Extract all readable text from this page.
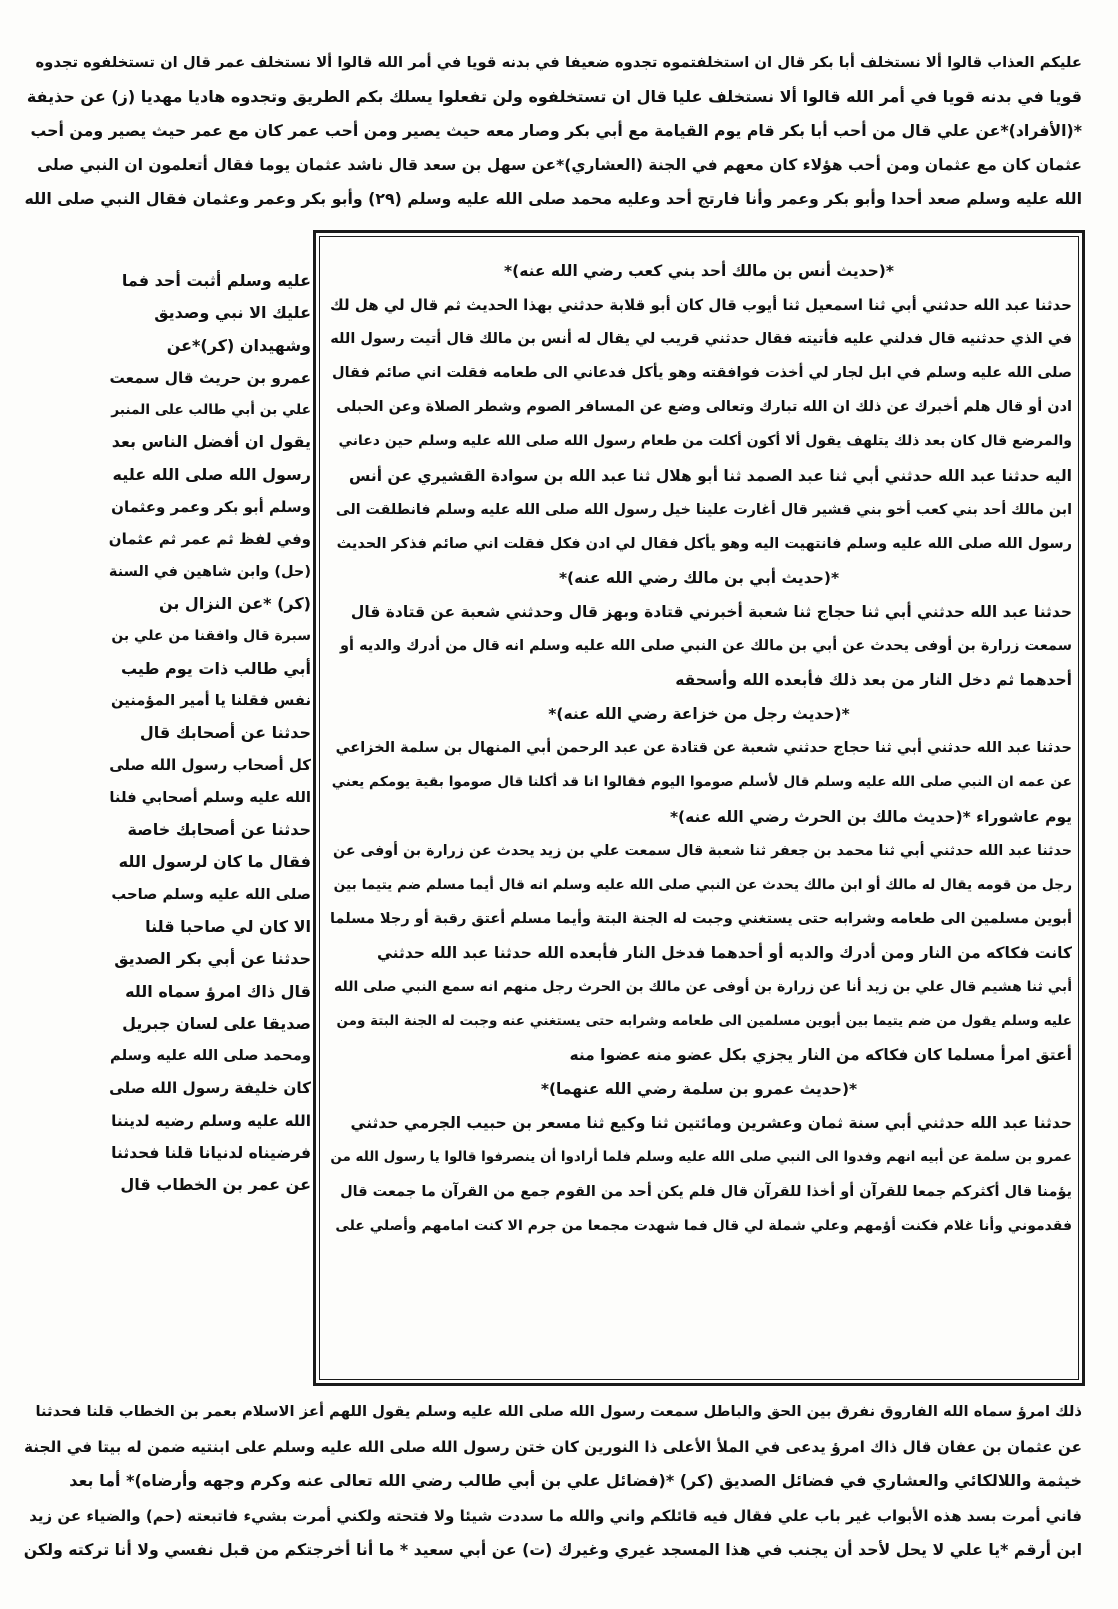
عليكم العذاب قالوا ألا نستخلف أبا بكر قال ان استخلفتموه تجدوه ضعيفا في بدنه قويا في أمر الله قالوا ألا نستخلف عمر قال ان تستخلفوه تجدوه
قويا في بدنه قويا في أمر الله قالوا ألا نستخلف عليا قال ان تستخلفوه ولن تفعلوا يسلك بكم الطريق وتجدوه هاديا مهديا (ز) عن حذيفة
*(الأفراد)*عن علي قال من أحب أبا بكر قام يوم القيامة مع أبي بكر وصار معه حيث يصير ومن أحب عمر كان مع عمر حيث يصير ومن أحب
عثمان كان مع عثمان ومن أحب هؤلاء كان معهم في الجنة (العشاري)*عن سهل بن سعد قال ناشد عثمان يوما فقال أتعلمون ان النبي صلى
الله عليه وسلم صعد أحدا وأبو بكر وعمر وأنا فارتج أحد وعليه محمد صلى الله عليه وسلم (٢٩) وأبو بكر وعمر وعثمان فقال النبي صلى الله
*(حديث أنس بن مالك أحد بني كعب رضي الله عنه)*
حدثنا عبد الله حدثني أبي ثنا اسمعيل ثنا أيوب قال كان أبو قلابة حدثني بهذا الحديث ثم قال لي هل لك
في الذي حدثنيه قال فدلني عليه فأتيته فقال حدثني قريب لي يقال له أنس بن مالك قال أتيت رسول الله
صلى الله عليه وسلم في ابل لجار لي أخذت فوافقته وهو يأكل فدعاني الى طعامه فقلت اني صائم فقال
ادن أو قال هلم أخبرك عن ذلك ان الله تبارك وتعالى وضع عن المسافر الصوم وشطر الصلاة وعن الحبلى
والمرضع قال كان بعد ذلك يتلهف يقول ألا أكون أكلت من طعام رسول الله صلى الله عليه وسلم حين دعاني
اليه حدثنا عبد الله حدثني أبي ثنا عبد الصمد ثنا أبو هلال ثنا عبد الله بن سوادة القشيري عن أنس
ابن مالك أحد بني كعب أخو بني قشير قال أغارت علينا خيل رسول الله صلى الله عليه وسلم فانطلقت الى
رسول الله صلى الله عليه وسلم فانتهيت اليه وهو يأكل فقال لي ادن فكل فقلت اني صائم فذكر الحديث
*(حديث أبي بن مالك رضي الله عنه)*
حدثنا عبد الله حدثني أبي ثنا حجاج ثنا شعبة أخبرني قتادة وبهز قال وحدثني شعبة عن قتادة قال
سمعت زرارة بن أوفى يحدث عن أبي بن مالك عن النبي صلى الله عليه وسلم انه قال من أدرك والديه أو
أحدهما ثم دخل النار من بعد ذلك فأبعده الله وأسحقه
*(حديث رجل من خزاعة رضي الله عنه)*
حدثنا عبد الله حدثني أبي ثنا حجاج حدثني شعبة عن قتادة عن عبد الرحمن أبي المنهال بن سلمة الخزاعي
عن عمه ان النبي صلى الله عليه وسلم قال لأسلم صوموا اليوم فقالوا انا قد أكلنا قال صوموا بقية يومكم يعني
يوم عاشوراء *(حديث مالك بن الحرث رضي الله عنه)*
حدثنا عبد الله حدثني أبي ثنا محمد بن جعفر ثنا شعبة قال سمعت علي بن زيد يحدث عن زرارة بن أوفى عن
رجل من قومه يقال له مالك أو ابن مالك يحدث عن النبي صلى الله عليه وسلم انه قال أيما مسلم ضم يتيما بين
أبوين مسلمين الى طعامه وشرابه حتى يستغني وجبت له الجنة البتة وأيما مسلم أعتق رقبة أو رجلا مسلما
كانت فكاكه من النار ومن أدرك والديه أو أحدهما فدخل النار فأبعده الله حدثنا عبد الله حدثني
أبي ثنا هشيم قال علي بن زيد أنا عن زرارة بن أوفى عن مالك بن الحرث رجل منهم انه سمع النبي صلى الله
عليه وسلم يقول من ضم يتيما بين أبوين مسلمين الى طعامه وشرابه حتى يستغني عنه وجبت له الجنة البتة ومن
أعتق امرأ مسلما كان فكاكه من النار يجزي بكل عضو منه عضوا منه
*(حديث عمرو بن سلمة رضي الله عنهما)*
حدثنا عبد الله حدثني أبي سنة ثمان وعشرين ومائتين ثنا وكيع ثنا مسعر بن حبيب الجرمي حدثني
عمرو بن سلمة عن أبيه انهم وفدوا الى النبي صلى الله عليه وسلم فلما أرادوا أن ينصرفوا قالوا يا رسول الله من
يؤمنا قال أكثركم جمعا للقرآن أو أخذا للقرآن قال فلم يكن أحد من القوم جمع من القرآن ما جمعت قال
فقدموني وأنا غلام فكنت أؤمهم وعلي شملة لي قال فما شهدت مجمعا من جرم الا كنت امامهم وأصلي على
عليه وسلم أثبت أحد فما
عليك الا نبي وصديق
وشهيدان (كر)*عن
عمرو بن حريث قال سمعت
علي بن أبي طالب على المنبر
يقول ان أفضل الناس بعد
رسول الله صلى الله عليه
وسلم أبو بكر وعمر وعثمان
وفي لفظ ثم عمر ثم عثمان
(حل) وابن شاهين في السنة
(كر) *عن النزال بن
سبرة قال وافقنا من علي بن
أبي طالب ذات يوم طيب
نفس فقلنا يا أمير المؤمنين
حدثنا عن أصحابك قال
كل أصحاب رسول الله صلى
الله عليه وسلم أصحابي فلنا
حدثنا عن أصحابك خاصة
فقال ما كان لرسول الله
صلى الله عليه وسلم صاحب
الا كان لي صاحبا قلنا
حدثنا عن أبي بكر الصديق
قال ذاك امرؤ سماه الله
صديقا على لسان جبريل
ومحمد صلى الله عليه وسلم
كان خليفة رسول الله صلى
الله عليه وسلم رضيه لديننا
فرضيناه لدنيانا قلنا فحدثنا
عن عمر بن الخطاب قال
ذلك امرؤ سماه الله الفاروق نفرق بين الحق والباطل سمعت رسول الله صلى الله عليه وسلم يقول اللهم أعز الاسلام بعمر بن الخطاب قلنا فحدثنا
عن عثمان بن عفان قال ذاك امرؤ يدعى في الملأ الأعلى ذا النورين كان ختن رسول الله صلى الله عليه وسلم على ابنتيه ضمن له بيتا في الجنة
خيثمة واللالكائي والعشاري في فضائل الصديق (كر) *(فضائل علي بن أبي طالب رضي الله تعالى عنه وكرم وجهه وأرضاه)* أما بعد
فاني أمرت بسد هذه الأبواب غير باب علي فقال فيه قائلكم واني والله ما سددت شيئا ولا فتحته ولكني أمرت بشيء فاتبعته (حم) والضياء عن زيد
ابن أرقم *يا علي لا يحل لأحد أن يجنب في هذا المسجد غيري وغيرك (ت) عن أبي سعيد * ما أنا أخرجتكم من قبل نفسي ولا أنا تركته ولكن
